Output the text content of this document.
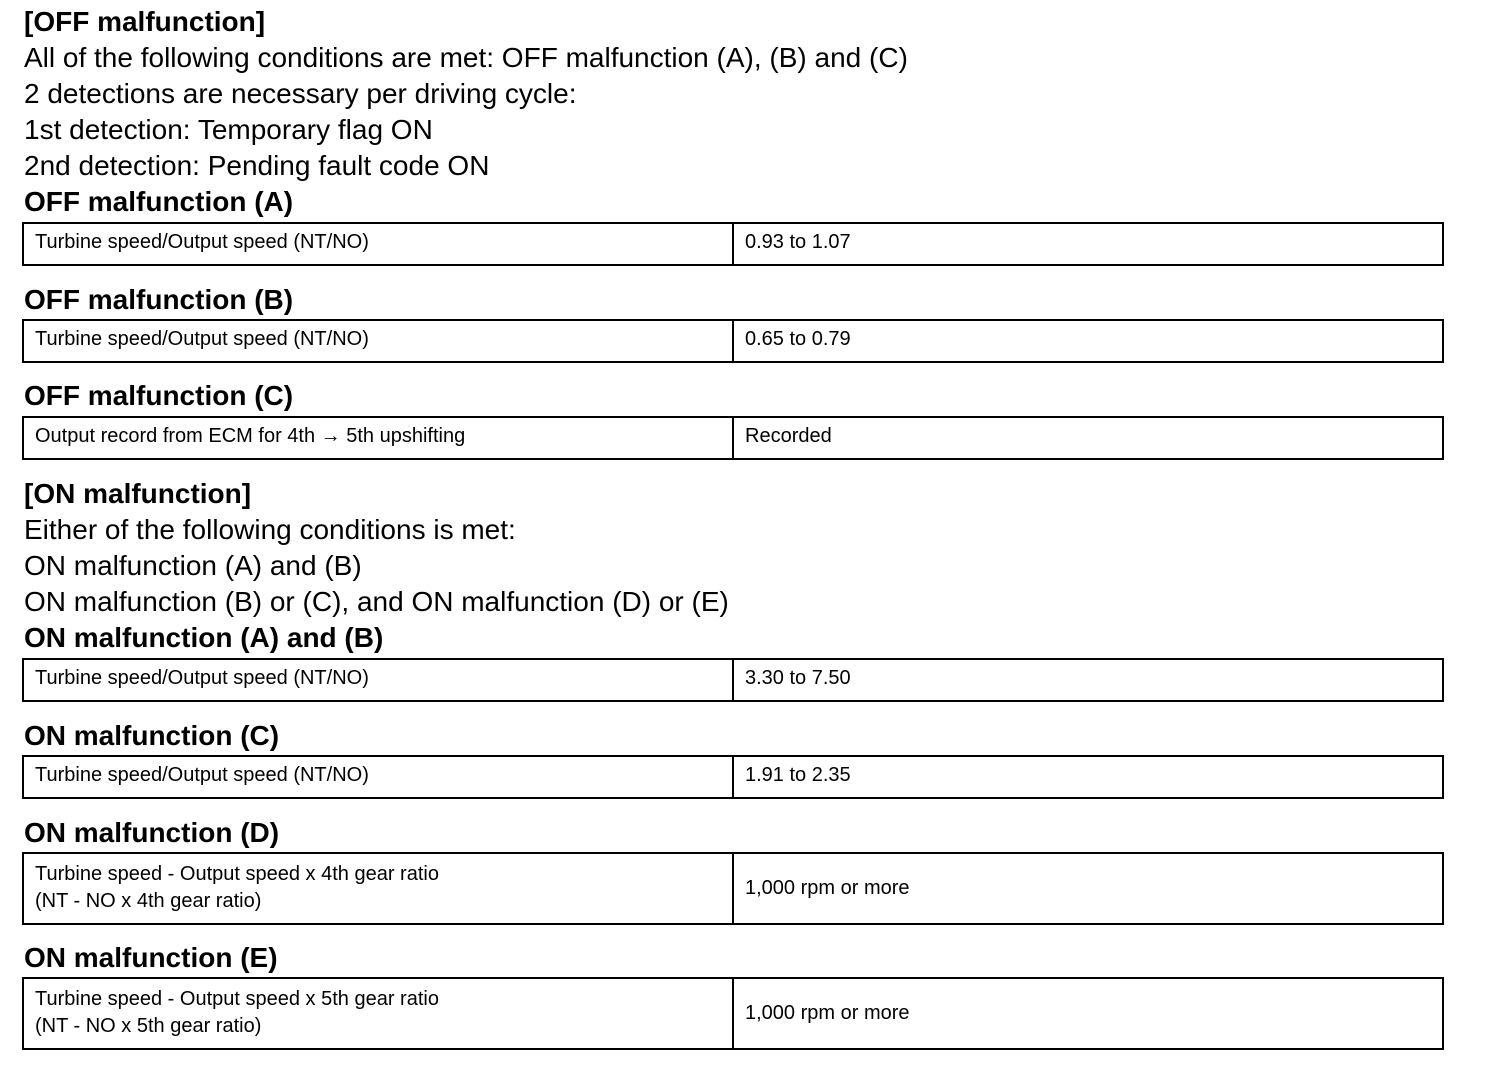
[OFF malfunction]
All of the following conditions are met: OFF malfunction (A), (B) and (C)
2 detections are necessary per driving cycle:
1st detection: Temporary flag ON
2nd detection: Pending fault code ON
OFF malfunction (A)
Turbine speed/Output speed (NT/NO)	0.93 to 1.07
OFF malfunction (B)
Turbine speed/Output speed (NT/NO)	0.65 to 0.79
OFF malfunction (C)
Output record from ECM for 4th → 5th upshifting	Recorded
[ON malfunction]
Either of the following conditions is met:
ON malfunction (A) and (B)
ON malfunction (B) or (C), and ON malfunction (D) or (E)
ON malfunction (A) and (B)
Turbine speed/Output speed (NT/NO)	3.30 to 7.50
ON malfunction (C)
Turbine speed/Output speed (NT/NO)	1.91 to 2.35
ON malfunction (D)
Turbine speed - Output speed x 4th gear ratio
(NT - NO x 4th gear ratio)	1,000 rpm or more
ON malfunction (E)
Turbine speed - Output speed x 5th gear ratio
(NT - NO x 5th gear ratio)	1,000 rpm or more
